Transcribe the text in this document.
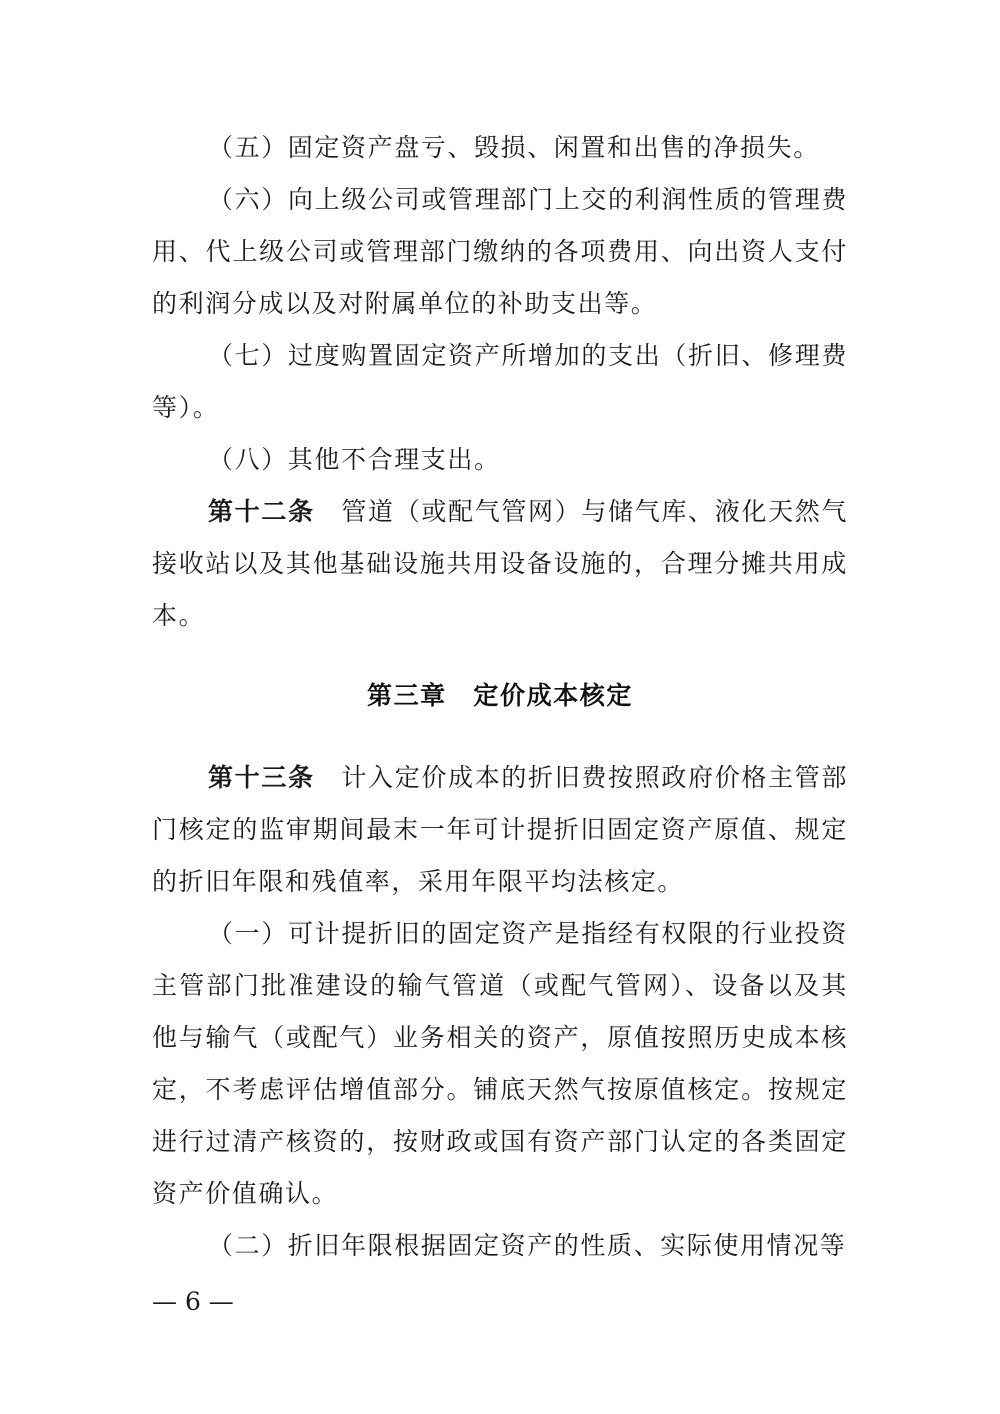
（五）固定资产盘亏、毁损、闲置和出售的净损失。

（六）向上级公司或管理部门上交的利润性质的管理费用、代上级公司或管理部门缴纳的各项费用、向出资人支付的利润分成以及对附属单位的补助支出等。

（七）过度购置固定资产所增加的支出（折旧、修理费等）。

（八）其他不合理支出。

第十二条  管道（或配气管网）与储气库、液化天然气接收站以及其他基础设施共用设备设施的，合理分摊共用成本。

第三章　定价成本核定

第十三条  计入定价成本的折旧费按照政府价格主管部门核定的监审期间最末一年可计提折旧固定资产原值、规定的折旧年限和残值率，采用年限平均法核定。

（一）可计提折旧的固定资产是指经有权限的行业投资主管部门批准建设的输气管道（或配气管网）、设备以及其他与输气（或配气）业务相关的资产，原值按照历史成本核定，不考虑评估增值部分。铺底天然气按原值核定。按规定进行过清产核资的，按财政或国有资产部门认定的各类固定资产价值确认。

（二）折旧年限根据固定资产的性质、实际使用情况等

— 6 —
